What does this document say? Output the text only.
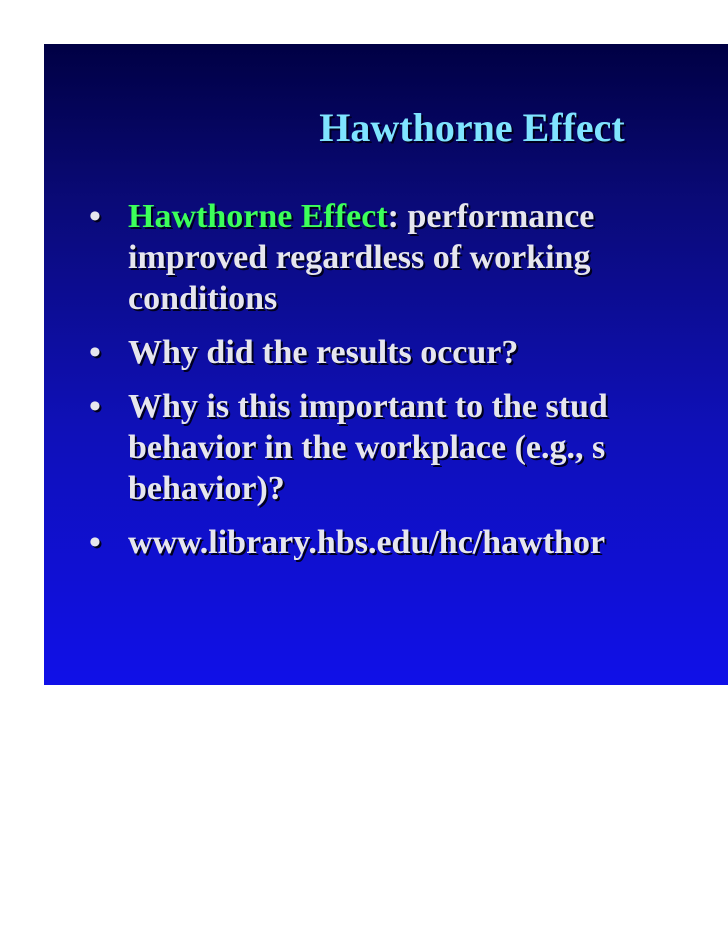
Hawthorne Effect
• Hawthorne Effect: performance
improved regardless of working
conditions
• Why did the results occur?
• Why is this important to the stud
behavior in the workplace (e.g., s
behavior)?
• www.library.hbs.edu/hc/hawthor
